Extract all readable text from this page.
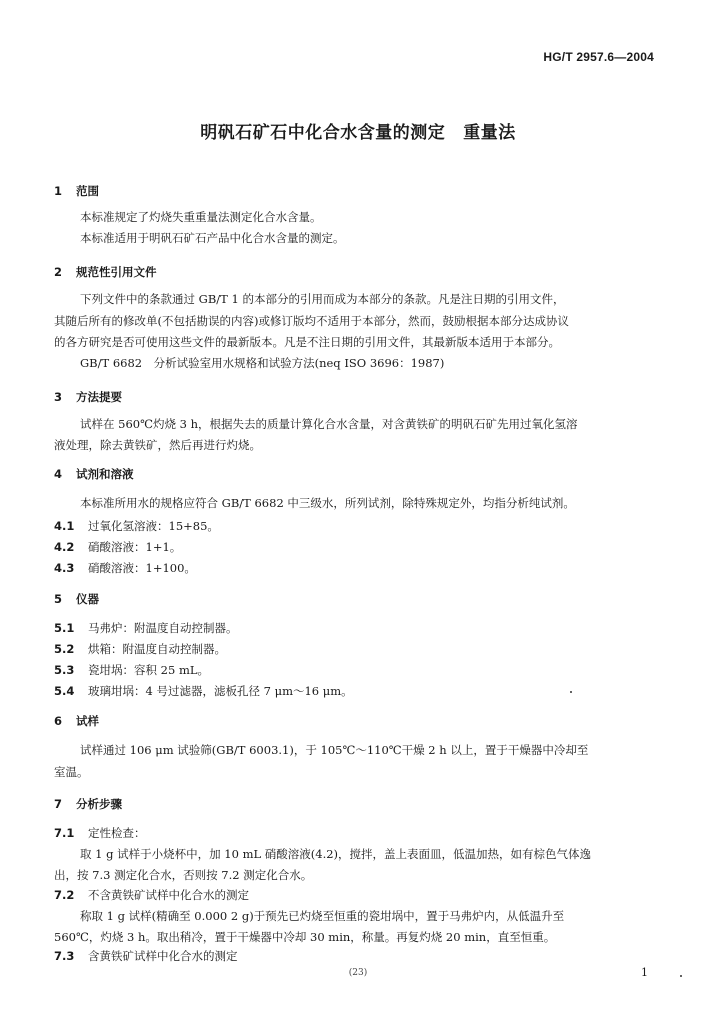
HG/T 2957.6—2004
明矾石矿石中化合水含量的测定 重量法
1 范围
本标准规定了灼烧失重重量法测定化合水含量。
本标准适用于明矾石矿石产品中化合水含量的测定。
2 规范性引用文件
下列文件中的条款通过 GB/T 1 的本部分的引用而成为本部分的条款。凡是注日期的引用文件，
其随后所有的修改单(不包括勘误的内容)或修订版均不适用于本部分，然而，鼓励根据本部分达成协议
的各方研究是否可使用这些文件的最新版本。凡是不注日期的引用文件，其最新版本适用于本部分。
GB/T 6682　分析试验室用水规格和试验方法(neq ISO 3696：1987)
3 方法提要
试样在 560℃灼烧 3 h，根据失去的质量计算化合水含量，对含黄铁矿的明矾石矿先用过氧化氢溶
液处理，除去黄铁矿，然后再进行灼烧。
4 试剂和溶液
本标准所用水的规格应符合 GB/T 6682 中三级水，所列试剂，除特殊规定外，均指分析纯试剂。
4.1 过氧化氢溶液：15+85。
4.2 硝酸溶液：1+1。
4.3 硝酸溶液：1+100。
5 仪器
5.1 马弗炉：附温度自动控制器。
5.2 烘箱：附温度自动控制器。
5.3 瓷坩埚：容积 25 mL。
5.4 玻璃坩埚：4 号过滤器，滤板孔径 7 μm～16 μm。
6 试样
试样通过 106 μm 试验筛(GB/T 6003.1)，于 105℃～110℃干燥 2 h 以上，置于干燥器中冷却至
室温。
7 分析步骤
7.1 定性检查：
取 1 g 试样于小烧杯中，加 10 mL 硝酸溶液(4.2)，搅拌，盖上表面皿，低温加热，如有棕色气体逸
出，按 7.3 测定化合水，否则按 7.2 测定化合水。
7.2 不含黄铁矿试样中化合水的测定
称取 1 g 试样(精确至 0.000 2 g)于预先已灼烧至恒重的瓷坩埚中，置于马弗炉内，从低温升至
560℃，灼烧 3 h。取出稍冷，置于干燥器中冷却 30 min，称量。再复灼烧 20 min，直至恒重。
7.3 含黄铁矿试样中化合水的测定
(23)	1
